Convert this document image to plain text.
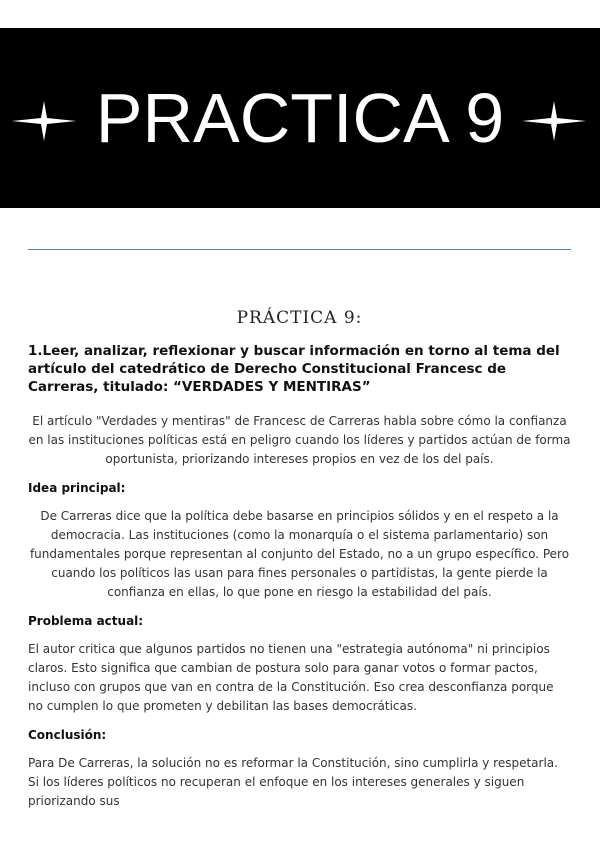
PRACTICA 9
PRÁCTICA 9:
1.Leer, analizar, reflexionar y buscar información en torno al tema del artículo del catedrático de Derecho Constitucional Francesc de Carreras, titulado: “VERDADES Y MENTIRAS”

El artículo "Verdades y mentiras" de Francesc de Carreras habla sobre cómo la confianza en las instituciones políticas está en peligro cuando los líderes y partidos actúan de forma oportunista, priorizando intereses propios en vez de los del país.

Idea principal:

De Carreras dice que la política debe basarse en principios sólidos y en el respeto a la democracia. Las instituciones (como la monarquía o el sistema parlamentario) son fundamentales porque representan al conjunto del Estado, no a un grupo específico. Pero cuando los políticos las usan para fines personales o partidistas, la gente pierde la confianza en ellas, lo que pone en riesgo la estabilidad del país.

Problema actual:

El autor critica que algunos partidos no tienen una "estrategia autónoma" ni principios claros. Esto significa que cambian de postura solo para ganar votos o formar pactos, incluso con grupos que van en contra de la Constitución. Eso crea desconfianza porque no cumplen lo que prometen y debilitan las bases democráticas.

Conclusión:

Para De Carreras, la solución no es reformar la Constitución, sino cumplirla y respetarla. Si los líderes políticos no recuperan el enfoque en los intereses generales y siguen priorizando sus
